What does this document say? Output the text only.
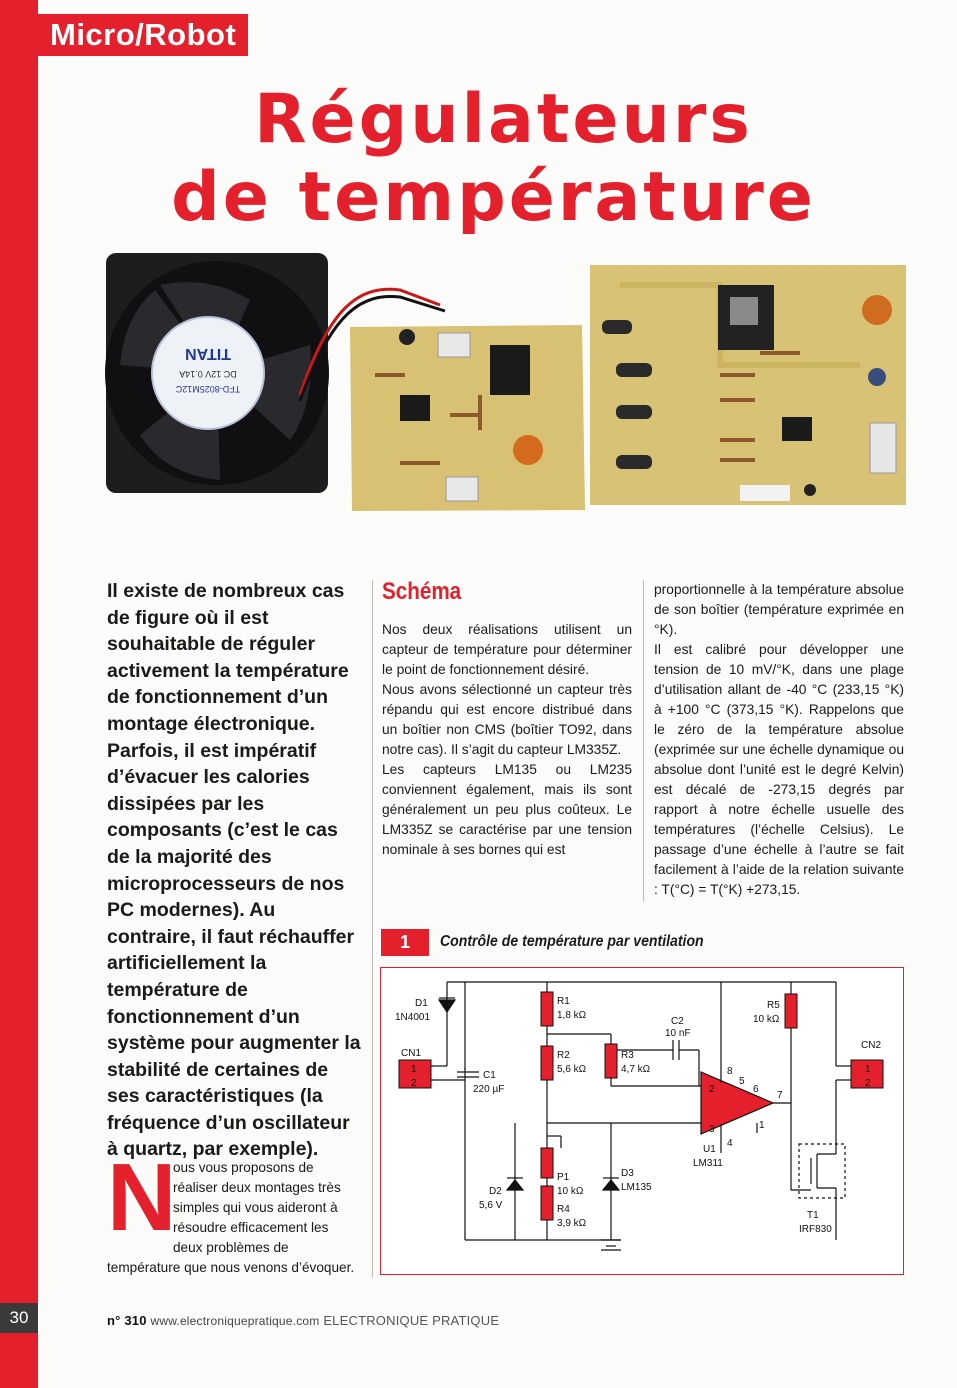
Micro/Robot
Régulateurs
de température
TFD-8025M12C
DC 12V 0.14A
TITAN
Il existe de nombreux cas de figure où il est souhaitable de réguler activement la température de fonctionnement d’un montage électronique. Parfois, il est impératif d’évacuer les calories dissipées par les composants (c’est le cas de la majorité des microprocesseurs de nos PC modernes). Au contraire, il faut réchauffer artificiellement la température de fonctionnement d’un système pour augmenter la stabilité de certaines de ses caractéristiques (la fréquence d’un oscillateur à quartz, par exemple).
N
ous vous proposons de réaliser deux montages très simples qui vous aideront à résoudre efficacement les deux problèmes de température que nous venons d’évoquer.
Schéma

Nos deux réalisations utilisent un capteur de température pour déterminer le point de fonctionnement désiré.

Nous avons sélectionné un capteur très répandu qui est encore distribué dans un boîtier non CMS (boîtier TO92, dans notre cas). Il s’agit du capteur LM335Z.

Les capteurs LM135 ou LM235 conviennent également, mais ils sont généralement un peu plus coûteux. Le LM335Z se caractérise par une tension nominale à ses bornes qui est

proportionnelle à la température absolue de son boîtier (température exprimée en °K).

Il est calibré pour développer une tension de 10 mV/°K, dans une plage d’utilisation allant de -40 °C (233,15 °K) à +100 °C (373,15 °K). Rappelons que le zéro de la température absolue (exprimée sur une échelle dynamique ou absolue dont l’unité est le degré Kelvin) est décalé de -273,15 degrés par rapport à notre échelle usuelle des températures (l’échelle Celsius). Le passage d’une échelle à l’autre se fait facilement à l’aide de la relation suivante : T(°C) = T(°K) +273,15.

1	Contrôle de température par ventilation
D1
1N4001
CN1
1
2
C1
220 µF
R1
1,8 kΩ
R2
5,6 kΩ
R3
4,7 kΩ
C2
10 nF
P1
10 kΩ
R4
3,9 kΩ
D2
5,6 V
D3
LM135
U1
LM311
R5
10 kΩ
CN2
1
2
T1
IRF830
2
3
4
5
6
7
8
1
30	n° 310 www.electroniquepratique.com ELECTRONIQUE PRATIQUE
